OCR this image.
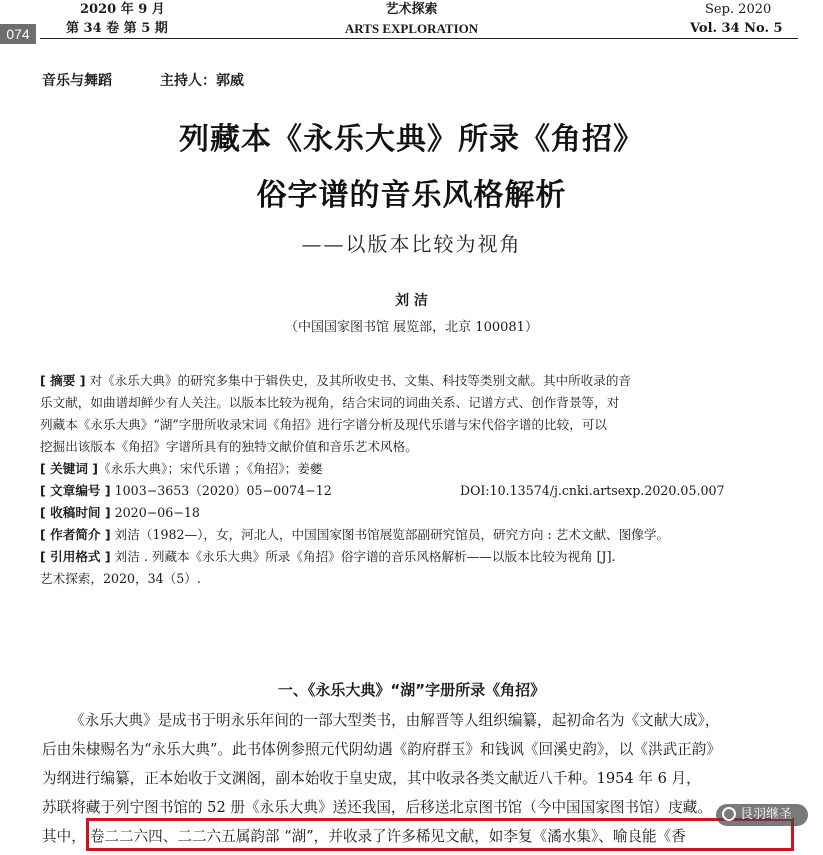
074
2020 年 9 月
第 34 卷 第 5 期
艺术探索
ARTS EXPLORATION
Sep. 2020
Vol. 34 No. 5
音乐与舞蹈	主持人：郭威
列藏本《永乐大典》所录《角招》
俗字谱的音乐风格解析
——以版本比较为视角
刘 洁
（中国国家图书馆 展览部，北京 100081）
[ 摘要 ] 对《永乐大典》的研究多集中于辑佚史，及其所收史书、文集、科技等类别文献。其中所收录的音
乐文献，如曲谱却鲜少有人关注。以版本比较为视角，结合宋词的词曲关系、记谱方式、创作背景等，对
列藏本《永乐大典》“湖”字册所收录宋词《角招》进行字谱分析及现代乐谱与宋代俗字谱的比较，可以
挖掘出该版本《角招》字谱所具有的独特文献价值和音乐艺术风格。
[ 关键词 ]《永乐大典》；宋代乐谱 ；《角招》；姜夔
[ 文章编号 ] 1003−3653（2020）05−0074−12	DOI:10.13574/j.cnki.artsexp.2020.05.007
[ 收稿时间 ] 2020−06−18
[ 作者简介 ] 刘洁（1982—），女，河北人，中国国家图书馆展览部副研究馆员，研究方向 : 艺术文献、图像学。
[ 引用格式 ] 刘洁 . 列藏本《永乐大典》所录《角招》俗字谱的音乐风格解析——以版本比较为视角 [J].
艺术探索，2020，34（5）.
一、《永乐大典》“湖”字册所录《角招》
《永乐大典》是成书于明永乐年间的一部大型类书，由解晋等人组织编纂，起初命名为《文献大成》，
后由朱棣赐名为“永乐大典”。此书体例参照元代阴幼遇《韵府群玉》和钱讽《回溪史韵》，以《洪武正韵》
为纲进行编纂，正本始收于文渊阁，副本始收于皇史宬，其中收录各类文献近八千种。1954 年 6 月，
苏联将藏于列宁图书馆的 52 册《永乐大典》送还我国，后移送北京图书馆（今中国国家图书馆）庋藏。
其中， 卷二二六四、二二六五属韵部 “湖”，并收录了许多稀见文献，如李复《潏水集》、喻良能《香
艮羽继圣
